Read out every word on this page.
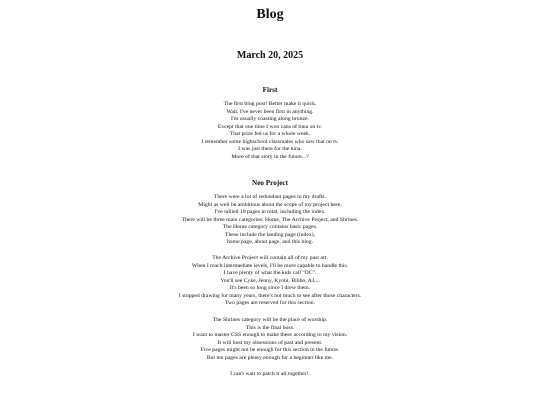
Blog
March 20, 2025
First
The first blog post! Better make it quick.
Wait. I've never been first in anything.
I'm usually coasting along bronze.
Except that one time I won cans of tuna on tv.
That prize fed us for a whole week.
I remember some highschool classmates who saw that on tv.
I was just there for the tuna.
More of that story in the future...?
Neo Project
There were a lot of redundant pages in my drafts.
Might as well be ambitious about the scope of my project here.
I've tallied 10 pages in total, including the index.
There will be three main categories: Home, The Archive Project, and Shrines.
The Home category contains basic pages.
These include the landing page (index),
home page, about page, and this blog.
The Archive Project will contain all of my past art.
When I reach intermediate levels, I'll be more capable to handle this.
I have plenty of what the kids call "OC".
You'll see Cyke, Jenny, Kyobi, Bibbo, AJ,...
It's been so long since I drew them.
I stopped drawing for many years, there's not much to see after those characters.
Two pages are reserved for this section.
The Shrines category will be the place of worship.
This is the final boss.
I want to master CSS enough to make these according to my vision.
It will host my obsessions of past and present.
Five pages might not be enough for this section in the future.
But ten pages are plenty enough for a beginner like me.
I can't wait to patch it all together!.
